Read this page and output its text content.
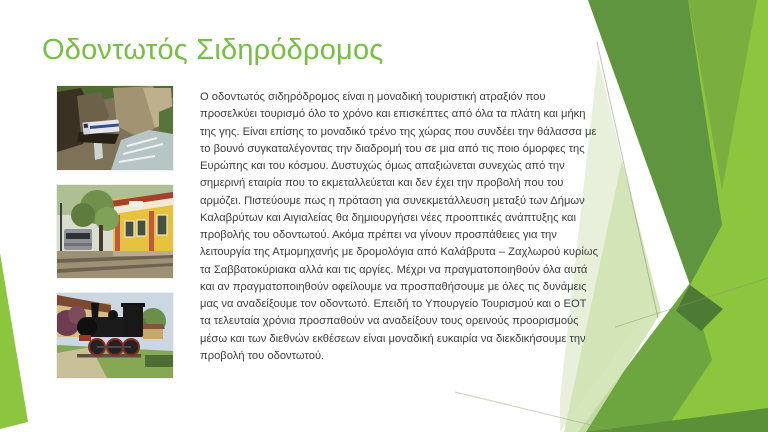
Οδοντωτός Σιδηρόδρομος

Ο οδοντωτός σιδηρόδρομος είναι η μοναδική τουριστική ατραξιόν που προσελκύει τουρισμό όλο το χρόνο και επισκέπτες από όλα τα πλάτη και μήκη της γης. Είναι επίσης το μοναδικό τρένο της χώρας που συνδέει την θάλασσα με το βουνό συγκαταλέγοντας την διαδρομή του σε μια από τις ποιο όμορφες της Ευρώπης και του κόσμου. Δυστυχώς όμως απαξιώνεται συνεχώς από την σημερινή εταιρία που το εκμεταλλεύεται και δεν έχει την προβολή που του αρμόζει. Πιστεύουμε πως η πρόταση για συνεκμετάλλευση μεταξύ των Δήμων Καλαβρύτων και Αιγιαλείας θα δημιουργήσει νέες προοπτικές ανάπτυξης και προβολής του οδοντωτού. Ακόμα πρέπει να γίνουν προσπάθειες για την λειτουργία της Ατμομηχανής με δρομολόγια από Καλάβρυτα – Ζαχλωρού κυρίως τα Σαββατοκύριακα αλλά και τις αργίες. Μέχρι να πραγματοποιηθούν όλα αυτά και αν πραγματοποιηθούν οφείλουμε να προσπαθήσουμε με όλες τις δυνάμεις μας να αναδείξουμε τον οδοντωτό. Επειδή το Υπουργείο Τουρισμού και ο ΕΟΤ τα τελευταία χρόνια προσπαθούν να αναδείξουν τους ορεινούς προορισμούς μέσω και των διεθνών εκθέσεων είναι μοναδική ευκαιρία να διεκδικήσουμε την προβολή του οδοντωτού.
